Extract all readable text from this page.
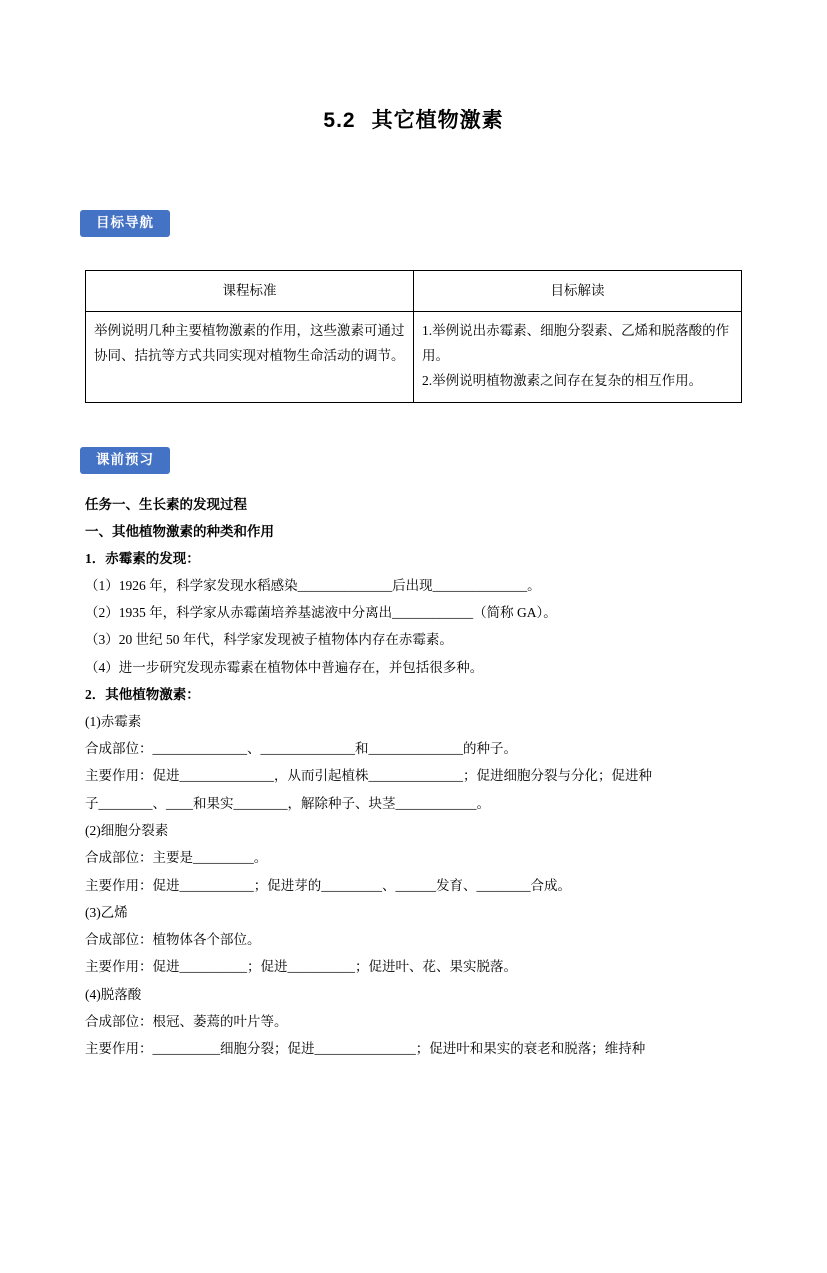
5.2 其它植物激素
目标导航
课程标准	目标解读

举例说明几种主要植物激素的作用，这些激素可通过协同、拮抗等方式共同实现对植物生命活动的调节。	1.举例说出赤霉素、细胞分裂素、乙烯和脱落酸的作用。

2.举例说明植物激素之间存在复杂的相互作用。

课前预习

任务一、生长素的发现过程

一、其他植物激素的种类和作用

1．赤霉素的发现：

（1）1926 年，科学家发现水稻感染______________后出现______________。

（2）1935 年，科学家从赤霉菌培养基滤液中分离出____________（简称 GA）。

（3）20 世纪 50 年代，科学家发现被子植物体内存在赤霉素。

（4）进一步研究发现赤霉素在植物体中普遍存在，并包括很多种。

2．其他植物激素：

(1)赤霉素

合成部位：______________、______________和______________的种子。

主要作用：促进______________，从而引起植株______________；促进细胞分裂与分化；促进种

子________、____和果实________，解除种子、块茎____________。

(2)细胞分裂素

合成部位：主要是_________。

主要作用：促进___________；促进芽的_________、______发育、________合成。

(3)乙烯

合成部位：植物体各个部位。

主要作用：促进__________；促进__________；促进叶、花、果实脱落。

(4)脱落酸

合成部位：根冠、萎蔫的叶片等。

主要作用：__________细胞分裂；促进_______________；促进叶和果实的衰老和脱落；维持种
